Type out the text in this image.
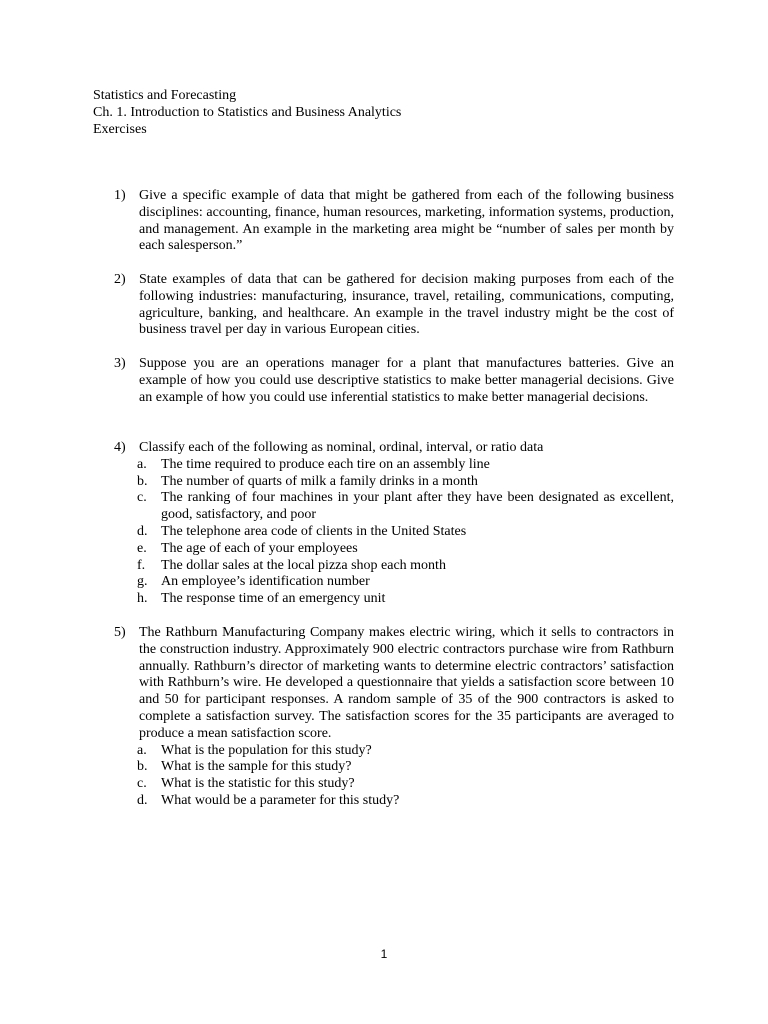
Statistics and Forecasting
Ch. 1. Introduction to Statistics and Business Analytics
Exercises
1) Give a specific example of data that might be gathered from each of the following business disciplines: accounting, finance, human resources, marketing, information systems, production, and management. An example in the marketing area might be “number of sales per month by each salesperson.”
2) State examples of data that can be gathered for decision making purposes from each of the following industries: manufacturing, insurance, travel, retailing, communications, computing, agriculture, banking, and healthcare. An example in the travel industry might be the cost of business travel per day in various European cities.
3) Suppose you are an operations manager for a plant that manufactures batteries. Give an example of how you could use descriptive statistics to make better managerial decisions. Give an example of how you could use inferential statistics to make better managerial decisions.
4) Classify each of the following as nominal, ordinal, interval, or ratio data
a. The time required to produce each tire on an assembly line
b. The number of quarts of milk a family drinks in a month
c. The ranking of four machines in your plant after they have been designated as excellent, good, satisfactory, and poor
d. The telephone area code of clients in the United States
e. The age of each of your employees
f. The dollar sales at the local pizza shop each month
g. An employee’s identification number
h. The response time of an emergency unit
5) The Rathburn Manufacturing Company makes electric wiring, which it sells to contractors in the construction industry. Approximately 900 electric contractors purchase wire from Rathburn annually. Rathburn’s director of marketing wants to determine electric contractors’ satisfaction with Rathburn’s wire. He developed a questionnaire that yields a satisfaction score between 10 and 50 for participant responses. A random sample of 35 of the 900 contractors is asked to complete a satisfaction survey. The satisfaction scores for the 35 participants are averaged to produce a mean satisfaction score.
a. What is the population for this study?
b. What is the sample for this study?
c. What is the statistic for this study?
d. What would be a parameter for this study?
1
